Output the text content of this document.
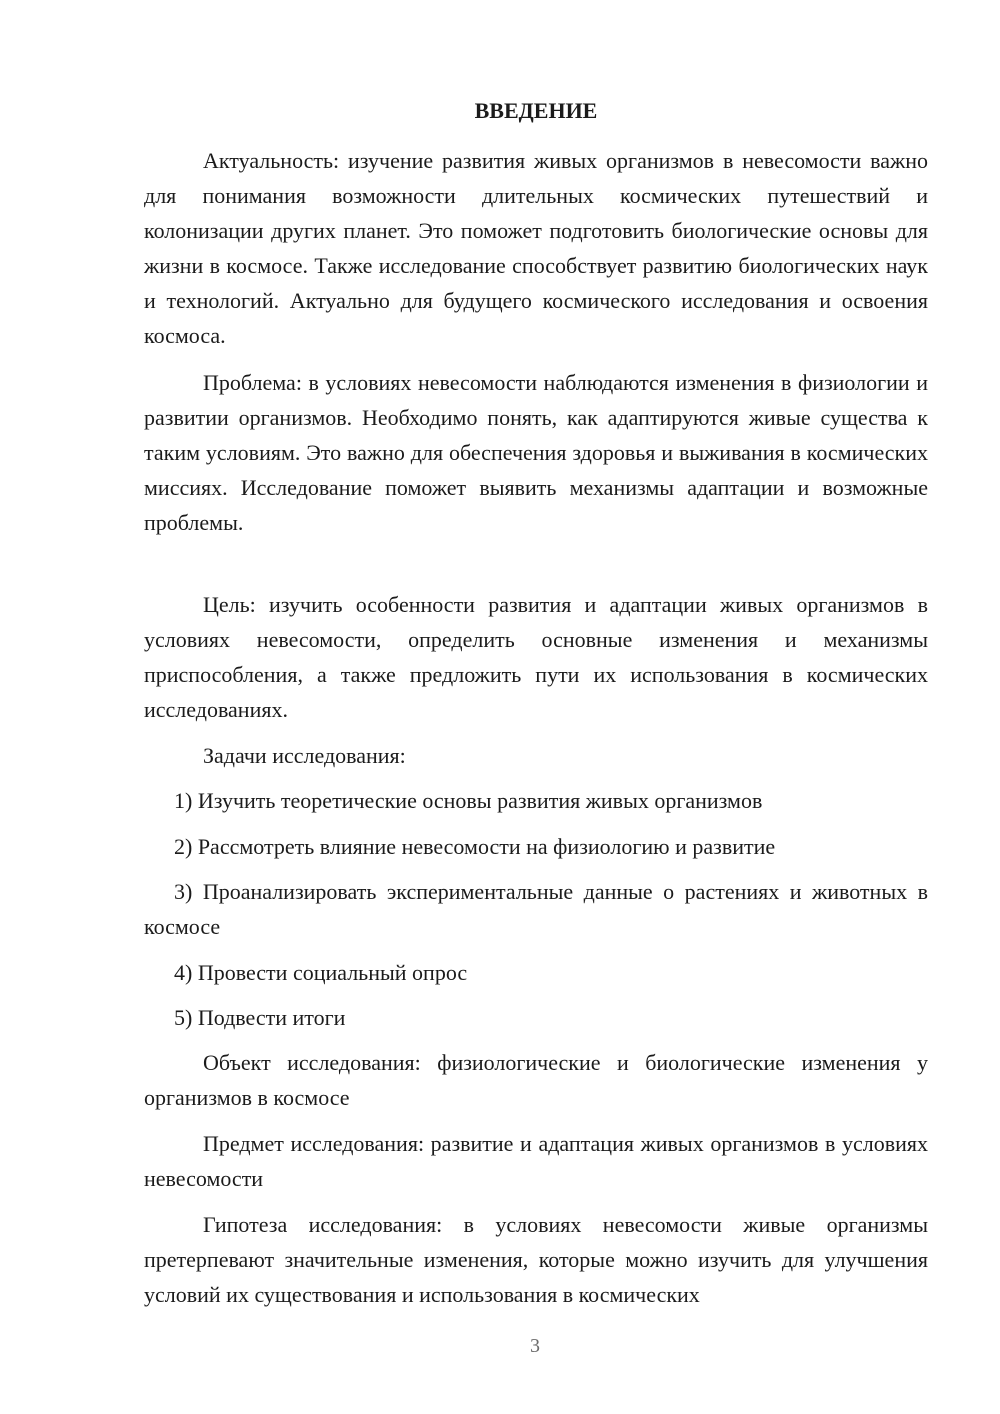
ВВЕДЕНИЕ

Актуальность: изучение развития живых организмов в невесомости важно для понимания возможности длительных космических путешествий и колонизации других планет. Это поможет подготовить биологические основы для жизни в космосе. Также исследование способствует развитию биологических наук и технологий. Актуально для будущего космического исследования и освоения космоса.

Проблема: в условиях невесомости наблюдаются изменения в физиологии и развитии организмов. Необходимо понять, как адаптируются живые существа к таким условиям. Это важно для обеспечения здоровья и выживания в космических миссиях. Исследование поможет выявить механизмы адаптации и возможные проблемы.

Цель: изучить особенности развития и адаптации живых организмов в условиях невесомости, определить основные изменения и механизмы приспособления, а также предложить пути их использования в космических исследованиях.

Задачи исследования:

1) Изучить теоретические основы развития живых организмов

2) Рассмотреть влияние невесомости на физиологию и развитие

3) Проанализировать экспериментальные данные о растениях и животных в космосе

4) Провести социальный опрос

5) Подвести итоги

Объект исследования: физиологические и биологические изменения у организмов в космосе

Предмет исследования: развитие и адаптация живых организмов в условиях невесомости

Гипотеза исследования: в условиях невесомости живые организмы претерпевают значительные изменения, которые можно изучить для улучшения условий их существования и использования в космических

3
